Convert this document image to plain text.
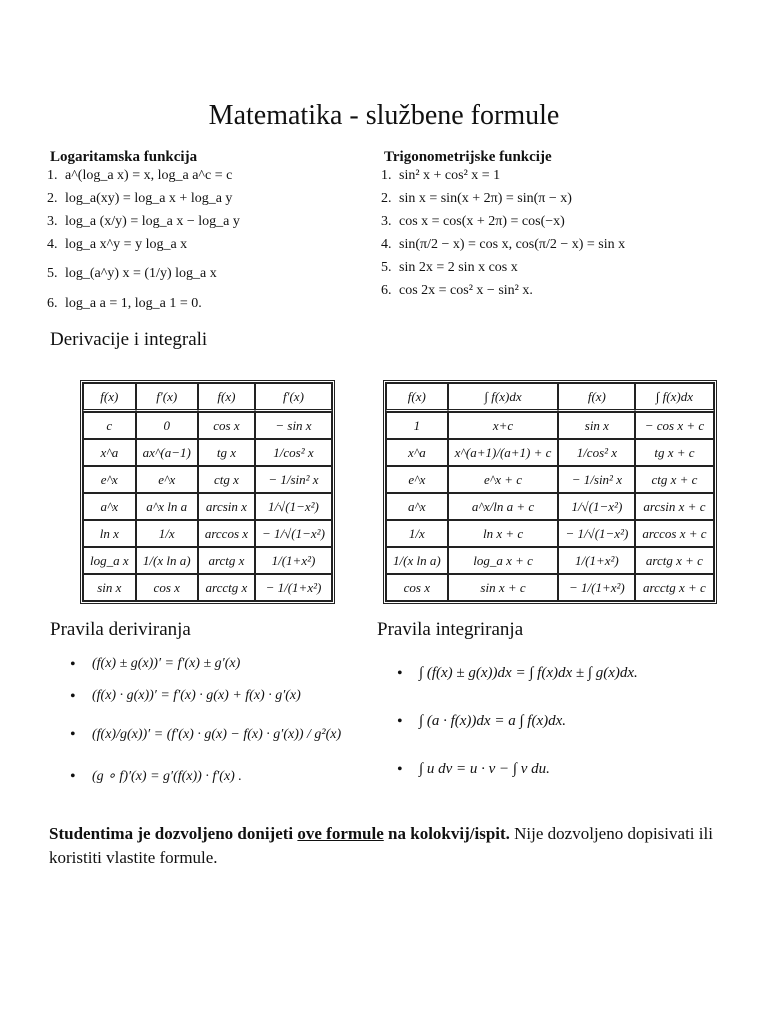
Matematika - službene formule

Logaritamska funkcija

1. a^(log_a x) = x, log_a a^c = c
2. log_a(xy) = log_a x + log_a y
3. log_a (x/y) = log_a x − log_a y
4. log_a x^y = y log_a x
5. log_(a^y) x = (1/y) log_a x
6. log_a a = 1, log_a 1 = 0.

Trigonometrijske funkcije

1. sin² x + cos² x = 1
2. sin x = sin(x + 2π) = sin(π − x)
3. cos x = cos(x + 2π) = cos(−x)
4. sin(π/2 − x) = cos x, cos(π/2 − x) = sin x
5. sin 2x = 2 sin x cos x
6. cos 2x = cos² x − sin² x.

Derivacije i integrali

f(x)	f′(x)	f(x)	f′(x)
c	0	cos x	− sin x
x^a	ax^(a−1)	tg x	1/cos² x
e^x	e^x	ctg x	− 1/sin² x
a^x	a^x ln a	arcsin x	1/√(1−x²)
ln x	1/x	arccos x	− 1/√(1−x²)
log_a x	1/(x ln a)	arctg x	1/(1+x²)
sin x	cos x	arcctg x	− 1/(1+x²)
f(x)	∫ f(x)dx	f(x)	∫ f(x)dx
1	x+c	sin x	− cos x + c
x^a	x^(a+1)/(a+1) + c	1/cos² x	tg x + c
e^x	e^x + c	− 1/sin² x	ctg x + c
a^x	a^x/ln a + c	1/√(1−x²)	arcsin x + c
1/x	ln x + c	− 1/√(1−x²)	arccos x + c
1/(x ln a)	log_a x + c	1/(1+x²)	arctg x + c
cos x	sin x + c	− 1/(1+x²)	arcctg x + c

Pravila deriviranja

• (f(x) ± g(x))′ = f′(x) ± g′(x)
• (f(x) · g(x))′ = f′(x) · g(x) + f(x) · g′(x)
• (f(x)/g(x))′ = (f′(x) · g(x) − f(x) · g′(x)) / g²(x)
• (g ∘ f)′(x) = g′(f(x)) · f′(x) .

Pravila integriranja

• ∫ (f(x) ± g(x))dx = ∫ f(x)dx ± ∫ g(x)dx.
• ∫ (a · f(x))dx = a ∫ f(x)dx.
• ∫ u dv = u · v − ∫ v du.

Studentima je dozvoljeno donijeti ove formule na kolokvij/ispit. Nije dozvoljeno dopisivati ili koristiti vlastite formule.
